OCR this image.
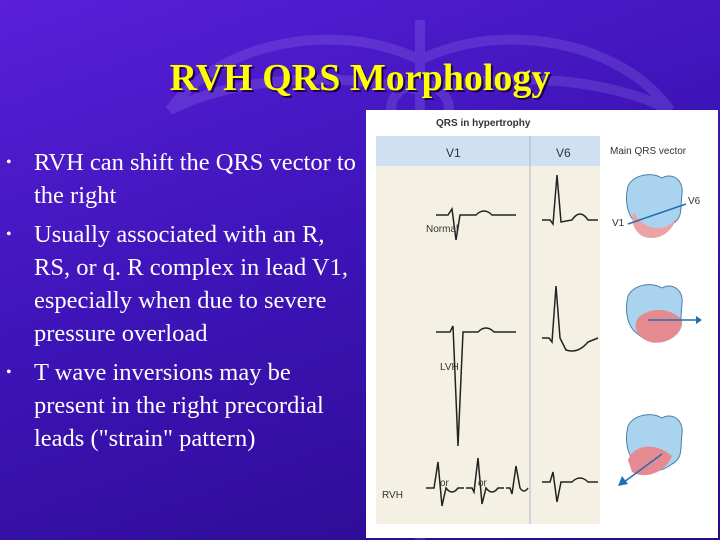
RVH QRS Morphology
• RVH can shift the QRS vector to the right
• Usually associated with an R, RS, or q. R complex in lead V1, especially when due to severe pressure overload
• T wave inversions may be present in the right precordial leads ("strain" pattern)
QRS in hypertrophy
V1	V6	Main QRS vector
Normal
LVH
RVH
or	or
V1
V6
